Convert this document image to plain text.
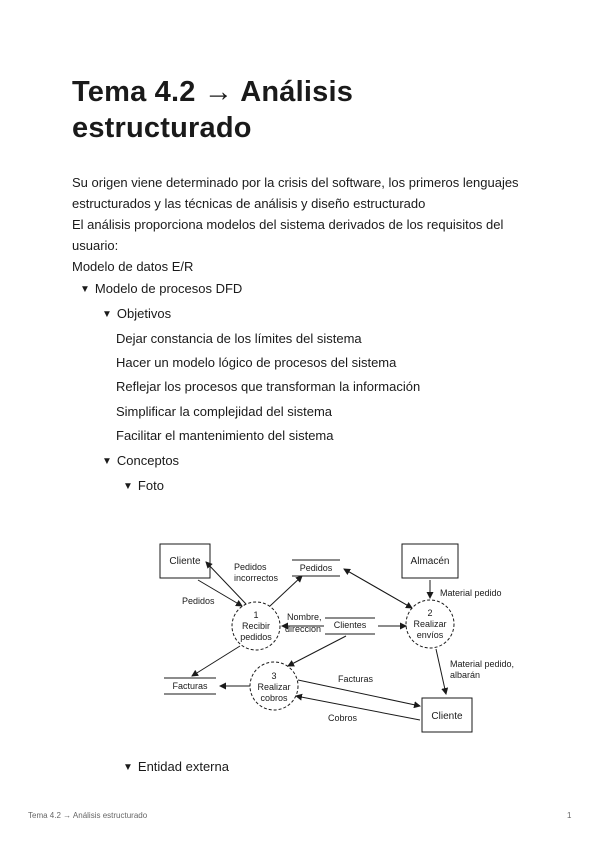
Tema 4.2 → Análisis estructurado

Su origen viene determinado por la crisis del software, los primeros lenguajes estructurados y las técnicas de análisis y diseño estructurado

El análisis proporciona modelos del sistema derivados de los requisitos del usuario:

Modelo de datos E/R

▼ Modelo de procesos DFD
▼ Objetivos
Dejar constancia de los límites del sistema
Hacer un modelo lógico de procesos del sistema
Reflejar los procesos que transforman la información
Simplificar la complejidad del sistema
Facilitar el mantenimiento del sistema
▼ Conceptos
▼ Foto
Cliente	Almacén
Cliente
Pedidos
Clientes
Facturas
1
Recibir
pedidos
2
Realizar
envíos
3
Realizar
cobros
Pedidos
incorrectos
Pedidos
Nombre,
dirección
Material pedido
Material pedido,
albarán
Facturas
Cobros
▼ Entidad externa
Tema 4.2 → Análisis estructurado	1
